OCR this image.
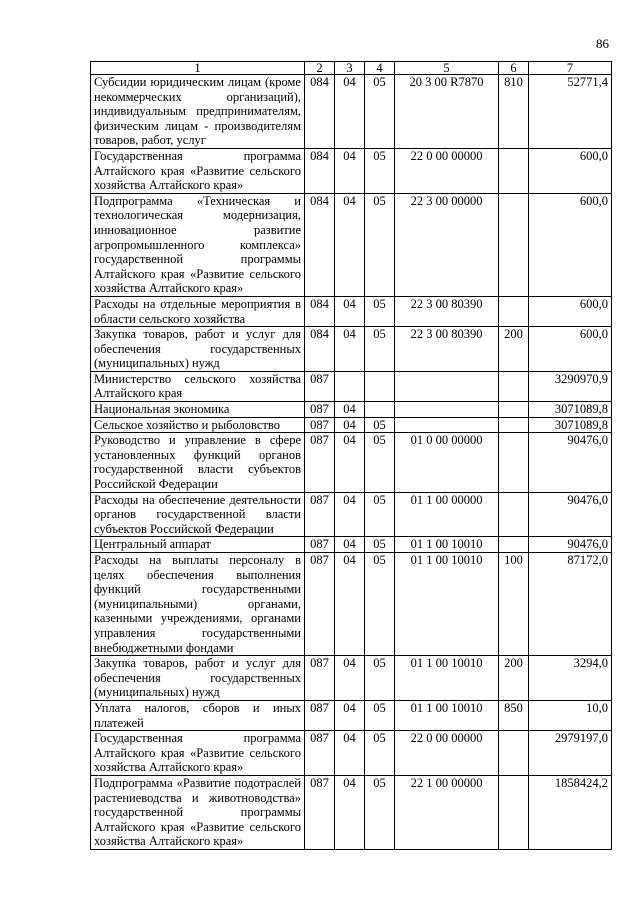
86
1	2	3	4	5	6	7
Субсидии юридическим лицам (кроме некоммерческих организаций), индивидуальным предпринимателям, физическим лицам - производителям товаров, работ, услуг	084	04	05	20 3 00 R7870	810	52771,4
Государственная программа Алтайского края «Развитие сельского хозяйства Алтайского края»	084	04	05	22 0 00 00000		600,0
Подпрограмма «Техническая и технологическая модернизация, инновационное развитие агропромышленного комплекса» государственной программы Алтайского края «Развитие сельского хозяйства Алтайского края»	084	04	05	22 3 00 00000		600,0
Расходы на отдельные мероприятия в области сельского хозяйства	084	04	05	22 3 00 80390		600,0
Закупка товаров, работ и услуг для обеспечения государственных (муниципальных) нужд	084	04	05	22 3 00 80390	200	600,0
Министерство сельского хозяйства Алтайского края	087					3290970,9
Национальная экономика	087	04				3071089,8
Сельское хозяйство и рыболовство	087	04	05			3071089,8
Руководство и управление в сфере установленных функций органов государственной власти субъектов Российской Федерации	087	04	05	01 0 00 00000		90476,0
Расходы на обеспечение деятельности органов государственной власти субъектов Российской Федерации	087	04	05	01 1 00 00000		90476,0
Центральный аппарат	087	04	05	01 1 00 10010		90476,0
Расходы на выплаты персоналу в целях обеспечения выполнения функций государственными (муниципальными) органами, казенными учреждениями, органами управления государственными внебюджетными фондами	087	04	05	01 1 00 10010	100	87172,0
Закупка товаров, работ и услуг для обеспечения государственных (муниципальных) нужд	087	04	05	01 1 00 10010	200	3294,0
Уплата налогов, сборов и иных платежей	087	04	05	01 1 00 10010	850	10,0
Государственная программа Алтайского края «Развитие сельского хозяйства Алтайского края»	087	04	05	22 0 00 00000		2979197,0
Подпрограмма «Развитие подотраслей растениеводства и животноводства» государственной программы Алтайского края «Развитие сельского хозяйства Алтайского края»	087	04	05	22 1 00 00000		1858424,2
